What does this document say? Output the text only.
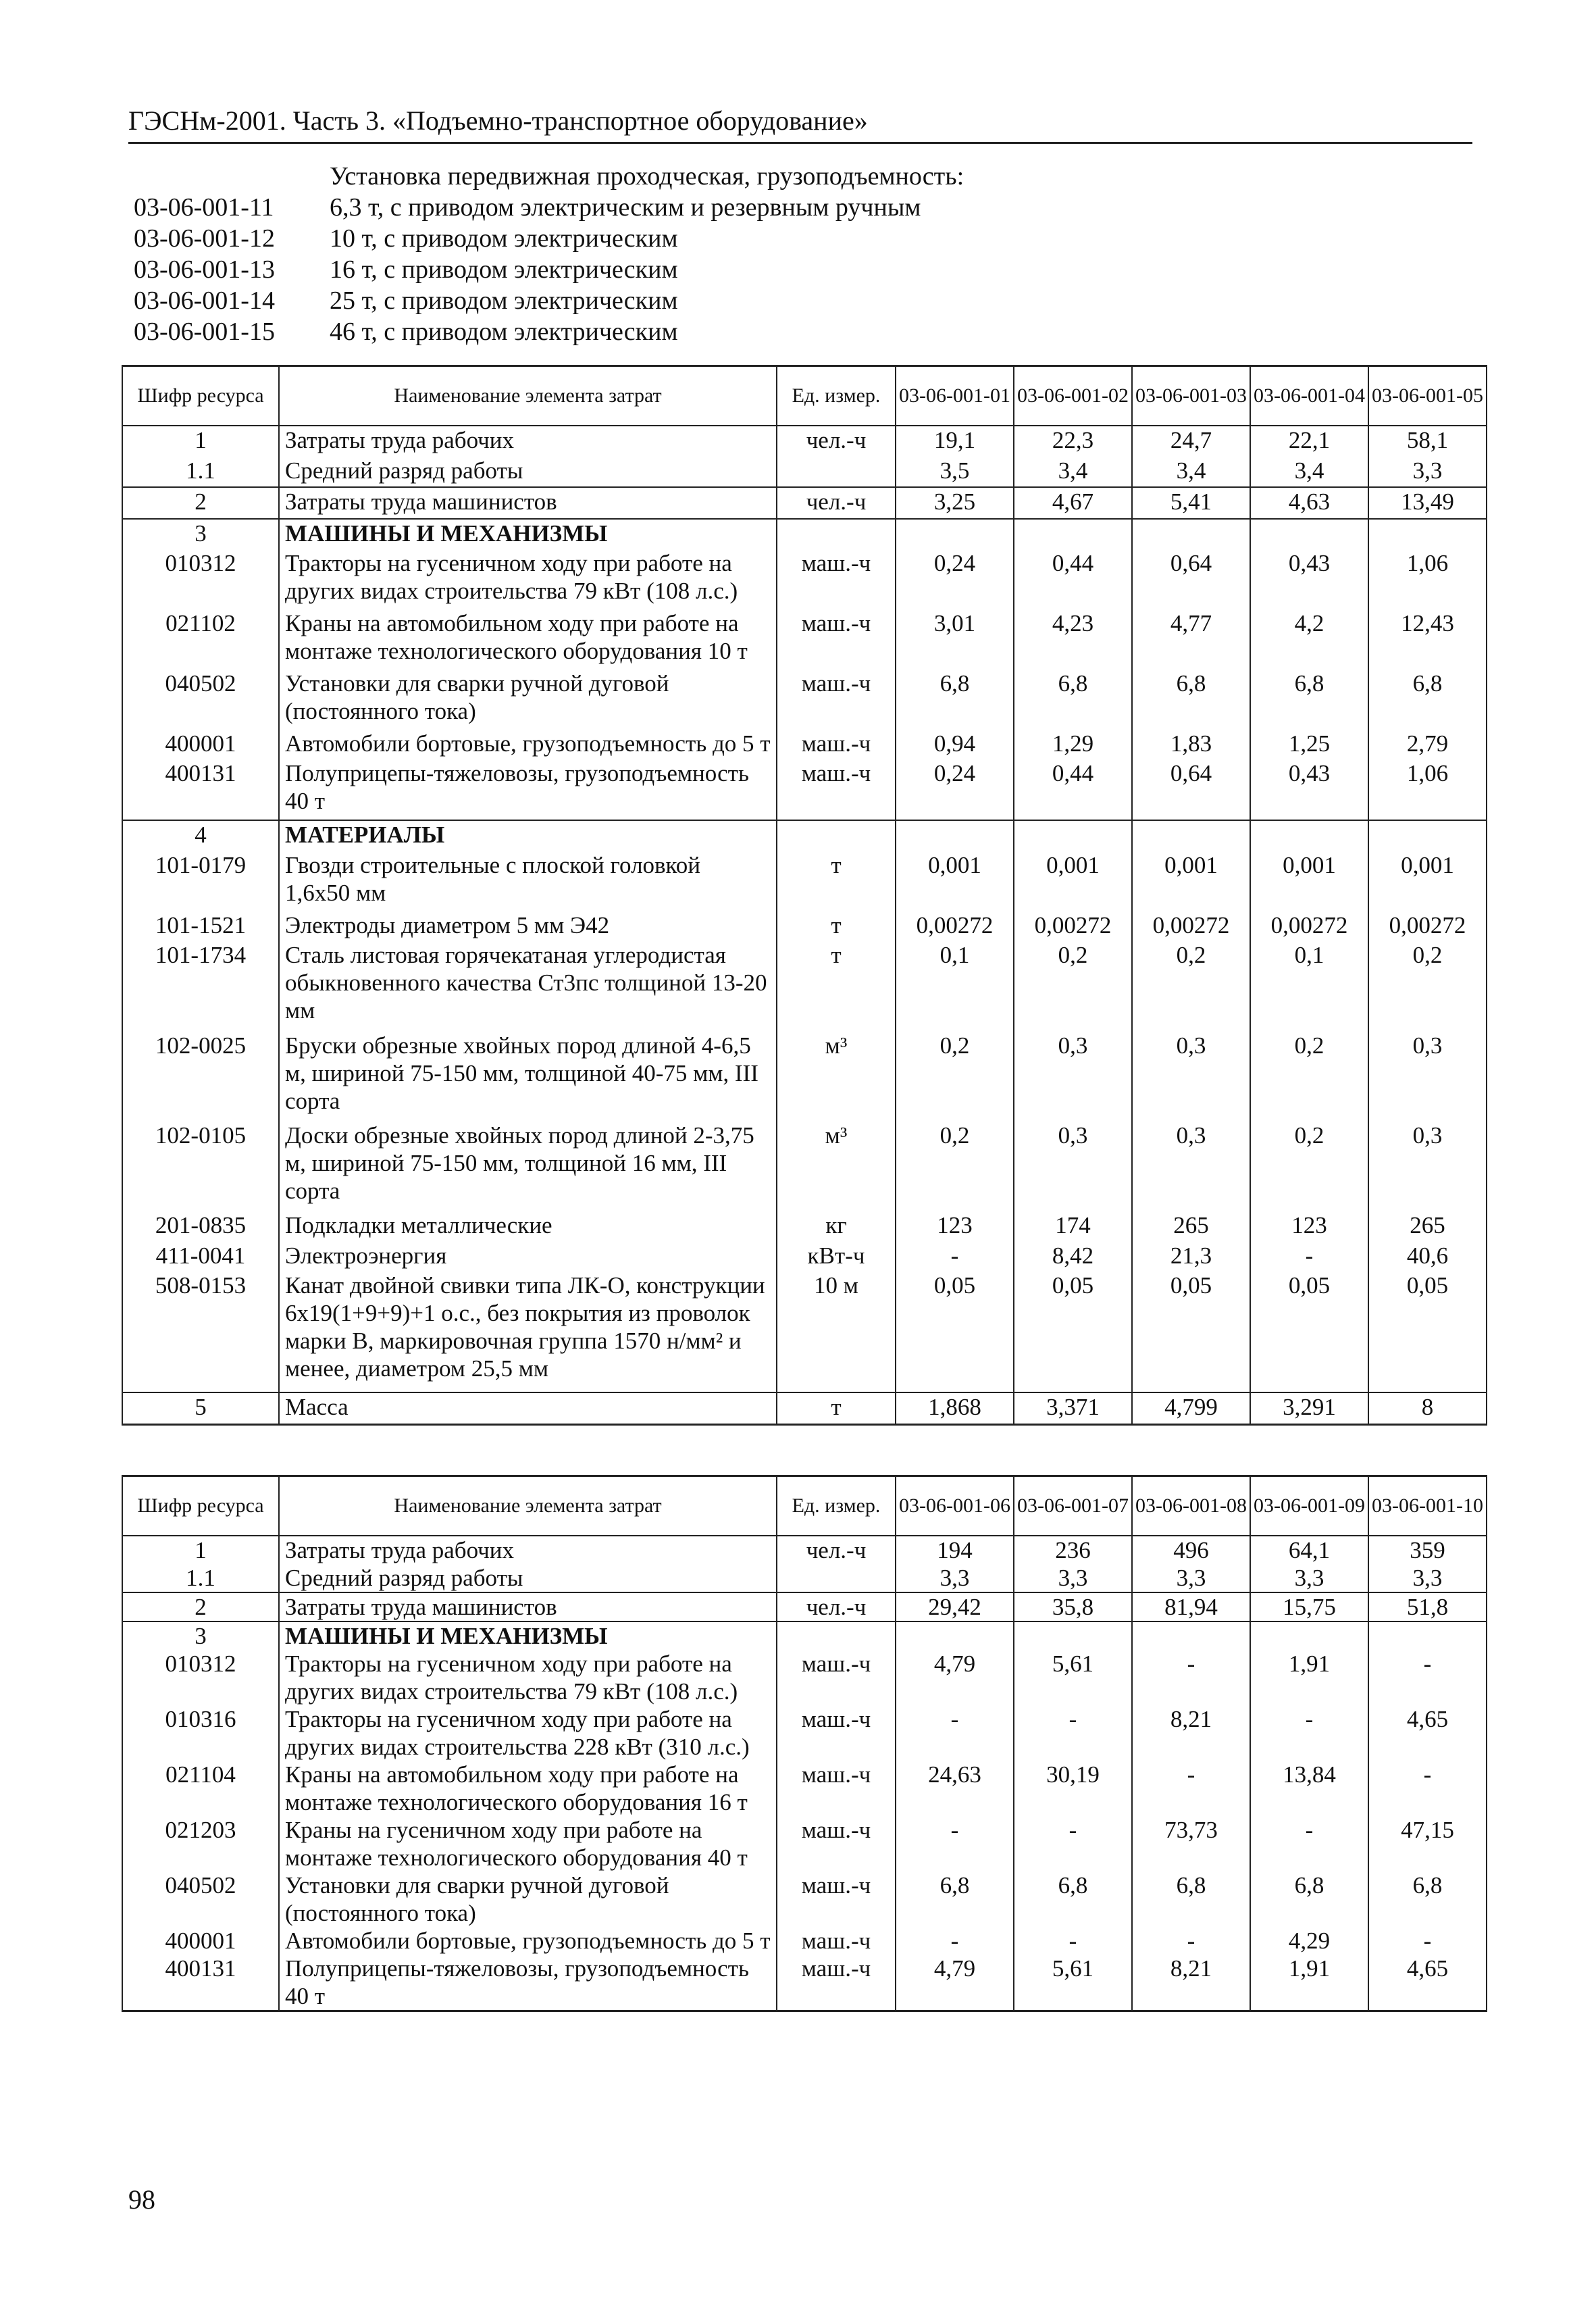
ГЭСНм-2001. Часть 3. «Подъемно-транспортное оборудование»
Установка передвижная проходческая, грузоподъемность:
03-06-001-11	6,3 т, с приводом электрическим и резервным ручным
03-06-001-12	10 т, с приводом электрическим
03-06-001-13	16 т, с приводом электрическим
03-06-001-14	25 т, с приводом электрическим
03-06-001-15	46 т, с приводом электрическим
Шифр ресурса	Наименование элемента затрат	Ед. измер.	03-06-001-01	03-06-001-02	03-06-001-03	03-06-001-04	03-06-001-05
1	Затраты труда рабочих	чел.-ч	19,1	22,3	24,7	22,1	58,1
1.1	Средний разряд работы		3,5	3,4	3,4	3,4	3,3
2	Затраты труда машинистов	чел.-ч	3,25	4,67	5,41	4,63	13,49
3	МАШИНЫ И МЕХАНИЗМЫ						
010312	Тракторы на гусеничном ходу при работе на других видах строительства 79 кВт (108 л.с.)	маш.-ч	0,24	0,44	0,64	0,43	1,06
021102	Краны на автомобильном ходу при работе на монтаже технологического оборудования 10 т	маш.-ч	3,01	4,23	4,77	4,2	12,43
040502	Установки для сварки ручной дуговой (постоянного тока)	маш.-ч	6,8	6,8	6,8	6,8	6,8
400001	Автомобили бортовые, грузоподъемность до 5 т	маш.-ч	0,94	1,29	1,83	1,25	2,79
400131	Полуприцепы-тяжеловозы, грузоподъемность 40 т	маш.-ч	0,24	0,44	0,64	0,43	1,06
4	МАТЕРИАЛЫ						
101-0179	Гвозди строительные с плоской головкой 1,6х50 мм	т	0,001	0,001	0,001	0,001	0,001
101-1521	Электроды диаметром 5 мм Э42	т	0,00272	0,00272	0,00272	0,00272	0,00272
101-1734	Сталь листовая горячекатаная углеродистая обыкновенного качества Ст3пс толщиной 13-20 мм	т	0,1	0,2	0,2	0,1	0,2
102-0025	Бруски обрезные хвойных пород длиной 4-6,5 м, шириной 75-150 мм, толщиной 40-75 мм, III сорта	м³	0,2	0,3	0,3	0,2	0,3
102-0105	Доски обрезные хвойных пород длиной 2-3,75 м, шириной 75-150 мм, толщиной 16 мм, III сорта	м³	0,2	0,3	0,3	0,2	0,3
201-0835	Подкладки металлические	кг	123	174	265	123	265
411-0041	Электроэнергия	кВт-ч	-	8,42	21,3	-	40,6
508-0153	Канат двойной свивки типа ЛК-О, конструкции 6х19(1+9+9)+1 о.с., без покрытия из проволок марки В, маркировочная группа 1570 н/мм² и менее, диаметром 25,5 мм	10 м	0,05	0,05	0,05	0,05	0,05
5	Масса	т	1,868	3,371	4,799	3,291	8
Шифр ресурса	Наименование элемента затрат	Ед. измер.	03-06-001-06	03-06-001-07	03-06-001-08	03-06-001-09	03-06-001-10
1	Затраты труда рабочих	чел.-ч	194	236	496	64,1	359
1.1	Средний разряд работы		3,3	3,3	3,3	3,3	3,3
2	Затраты труда машинистов	чел.-ч	29,42	35,8	81,94	15,75	51,8
3	МАШИНЫ И МЕХАНИЗМЫ						
010312	Тракторы на гусеничном ходу при работе на других видах строительства 79 кВт (108 л.с.)	маш.-ч	4,79	5,61	-	1,91	-
010316	Тракторы на гусеничном ходу при работе на других видах строительства 228 кВт (310 л.с.)	маш.-ч	-	-	8,21	-	4,65
021104	Краны на автомобильном ходу при работе на монтаже технологического оборудования 16 т	маш.-ч	24,63	30,19	-	13,84	-
021203	Краны на гусеничном ходу при работе на монтаже технологического оборудования 40 т	маш.-ч	-	-	73,73	-	47,15
040502	Установки для сварки ручной дуговой (постоянного тока)	маш.-ч	6,8	6,8	6,8	6,8	6,8
400001	Автомобили бортовые, грузоподъемность до 5 т	маш.-ч	-	-	-	4,29	-
400131	Полуприцепы-тяжеловозы, грузоподъемность 40 т	маш.-ч	4,79	5,61	8,21	1,91	4,65
98
